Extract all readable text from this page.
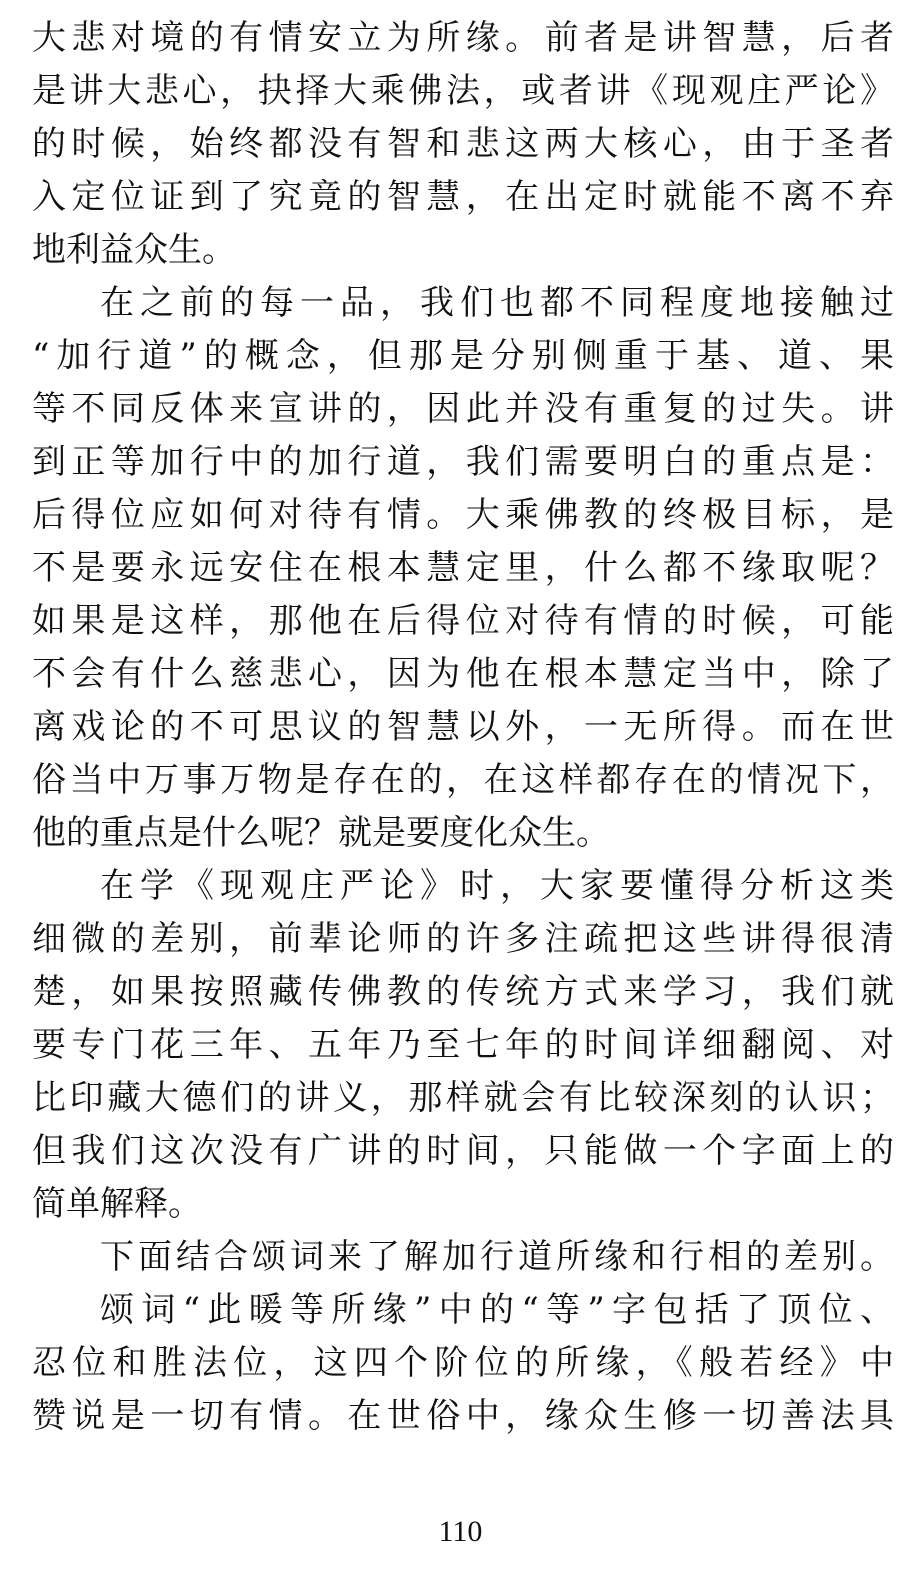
大悲对境的有情安立为所缘。前者是讲智慧，后者
是讲大悲心，抉择大乘佛法，或者讲《现观庄严论》
的时候，始终都没有智和悲这两大核心，由于圣者
入定位证到了究竟的智慧，在出定时就能不离不弃
地利益众生。
在之前的每一品，我们也都不同程度地接触过
“加行道”的概念，但那是分别侧重于基、道、果
等不同反体来宣讲的，因此并没有重复的过失。讲
到正等加行中的加行道，我们需要明白的重点是：
后得位应如何对待有情。大乘佛教的终极目标，是
不是要永远安住在根本慧定里，什么都不缘取呢？
如果是这样，那他在后得位对待有情的时候，可能
不会有什么慈悲心，因为他在根本慧定当中，除了
离戏论的不可思议的智慧以外，一无所得。而在世
俗当中万事万物是存在的，在这样都存在的情况下，
他的重点是什么呢？就是要度化众生。
在学《现观庄严论》时，大家要懂得分析这类
细微的差别，前辈论师的许多注疏把这些讲得很清
楚，如果按照藏传佛教的传统方式来学习，我们就
要专门花三年、五年乃至七年的时间详细翻阅、对
比印藏大德们的讲义，那样就会有比较深刻的认识；
但我们这次没有广讲的时间，只能做一个字面上的
简单解释。
下面结合颂词来了解加行道所缘和行相的差别。
颂词“此暖等所缘”中的“等”字包括了顶位、
忍位和胜法位，这四个阶位的所缘，《般若经》中
赞说是一切有情。在世俗中，缘众生修一切善法具
110
